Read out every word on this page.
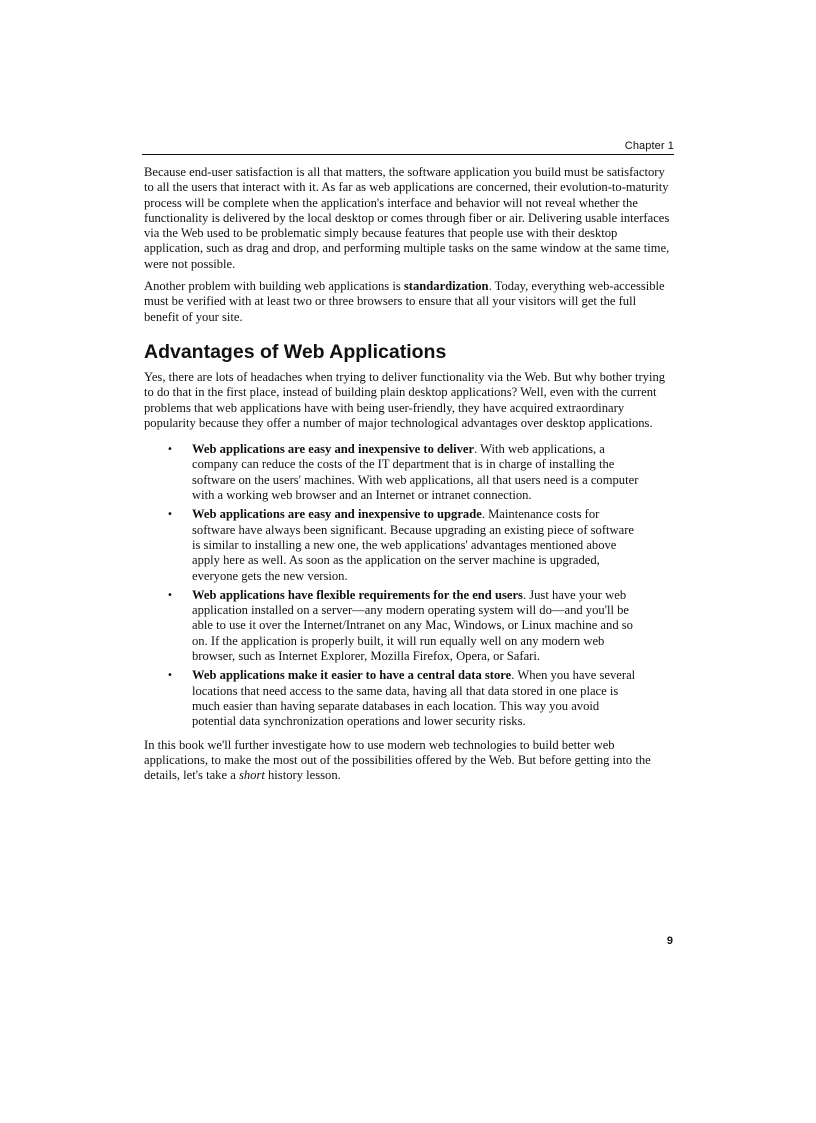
Chapter 1

Because end-user satisfaction is all that matters, the software application you build must be satisfactory to all the users that interact with it. As far as web applications are concerned, their evolution-to-maturity process will be complete when the application's interface and behavior will not reveal whether the functionality is delivered by the local desktop or comes through fiber or air. Delivering usable interfaces via the Web used to be problematic simply because features that people use with their desktop application, such as drag and drop, and performing multiple tasks on the same window at the same time, were not possible.

Another problem with building web applications is standardization. Today, everything web-accessible must be verified with at least two or three browsers to ensure that all your visitors will get the full benefit of your site.

Advantages of Web Applications

Yes, there are lots of headaches when trying to deliver functionality via the Web. But why bother trying to do that in the first place, instead of building plain desktop applications? Well, even with the current problems that web applications have with being user-friendly, they have acquired extraordinary popularity because they offer a number of major technological advantages over desktop applications.

• Web applications are easy and inexpensive to deliver. With web applications, a company can reduce the costs of the IT department that is in charge of installing the software on the users' machines. With web applications, all that users need is a computer with a working web browser and an Internet or intranet connection.
• Web applications are easy and inexpensive to upgrade. Maintenance costs for software have always been significant. Because upgrading an existing piece of software is similar to installing a new one, the web applications' advantages mentioned above apply here as well. As soon as the application on the server machine is upgraded, everyone gets the new version.
• Web applications have flexible requirements for the end users. Just have your web application installed on a server—any modern operating system will do—and you'll be able to use it over the Internet/Intranet on any Mac, Windows, or Linux machine and so on. If the application is properly built, it will run equally well on any modern web browser, such as Internet Explorer, Mozilla Firefox, Opera, or Safari.
• Web applications make it easier to have a central data store. When you have several locations that need access to the same data, having all that data stored in one place is much easier than having separate databases in each location. This way you avoid potential data synchronization operations and lower security risks.

In this book we'll further investigate how to use modern web technologies to build better web applications, to make the most out of the possibilities offered by the Web. But before getting into the details, let's take a short history lesson.

9
